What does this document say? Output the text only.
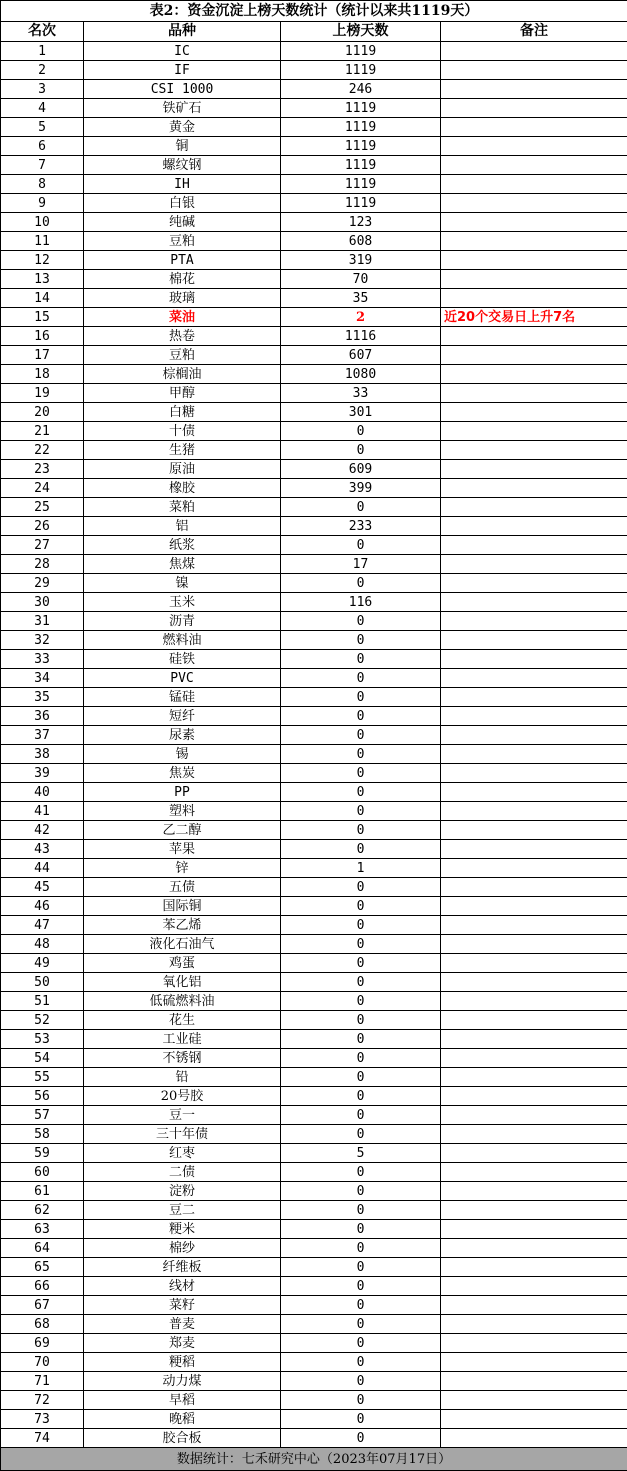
表2：资金沉淀上榜天数统计（统计以来共1119天）			
名次	品种	上榜天数	备注
1	IC	1119	
2	IF	1119	
3	CSI 1000	246	
4	铁矿石	1119	
5	黄金	1119	
6	铜	1119	
7	螺纹钢	1119	
8	IH	1119	
9	白银	1119	
10	纯碱	123	
11	豆粕	608	
12	PTA	319	
13	棉花	70	
14	玻璃	35	
15	菜油	2	近20个交易日上升7名
16	热卷	1116	
17	豆粕	607	
18	棕榈油	1080	
19	甲醇	33	
20	白糖	301	
21	十债	0	
22	生猪	0	
23	原油	609	
24	橡胶	399	
25	菜粕	0	
26	铝	233	
27	纸浆	0	
28	焦煤	17	
29	镍	0	
30	玉米	116	
31	沥青	0	
32	燃料油	0	
33	硅铁	0	
34	PVC	0	
35	锰硅	0	
36	短纤	0	
37	尿素	0	
38	锡	0	
39	焦炭	0	
40	PP	0	
41	塑料	0	
42	乙二醇	0	
43	苹果	0	
44	锌	1	
45	五债	0	
46	国际铜	0	
47	苯乙烯	0	
48	液化石油气	0	
49	鸡蛋	0	
50	氧化铝	0	
51	低硫燃料油	0	
52	花生	0	
53	工业硅	0	
54	不锈钢	0	
55	铅	0	
56	20号胶	0	
57	豆一	0	
58	三十年债	0	
59	红枣	5	
60	二债	0	
61	淀粉	0	
62	豆二	0	
63	粳米	0	
64	棉纱	0	
65	纤维板	0	
66	线材	0	
67	菜籽	0	
68	普麦	0	
69	郑麦	0	
70	粳稻	0	
71	动力煤	0	
72	早稻	0	
73	晚稻	0	
74	胶合板	0	
数据统计：七禾研究中心（2023年07月17日）			
